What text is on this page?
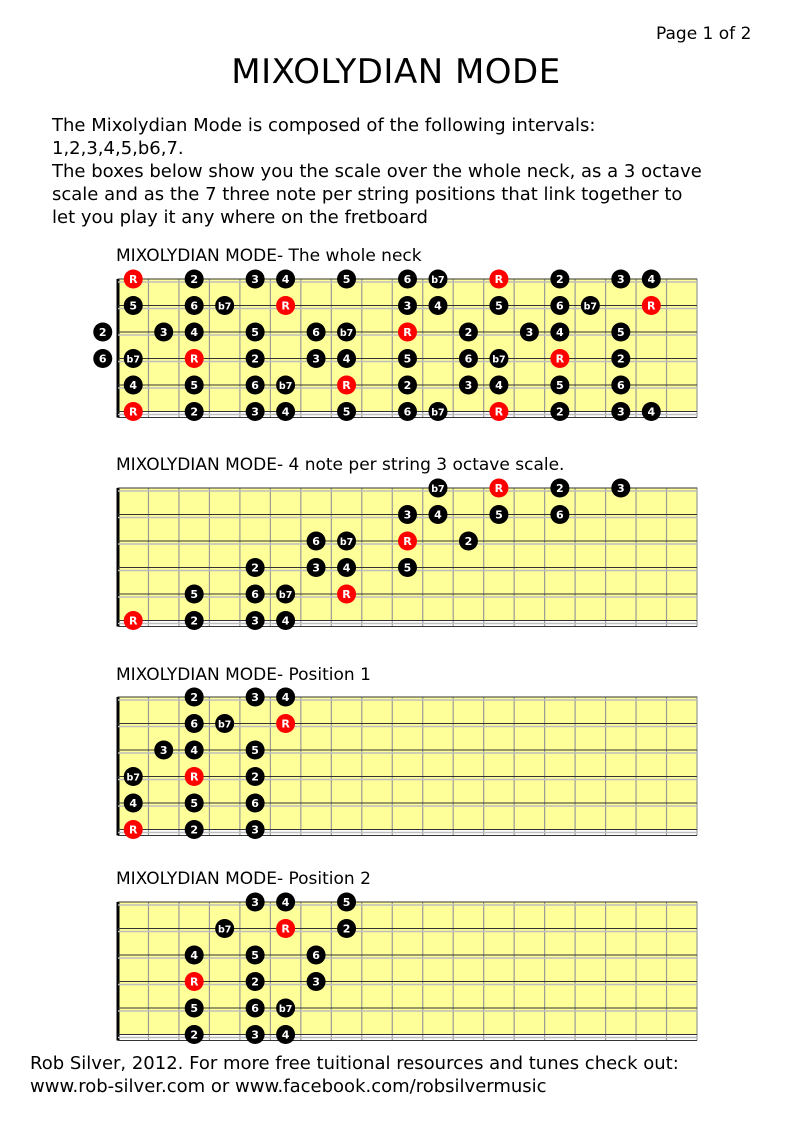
Page 1 of 2
MIXOLYDIAN MODE

The Mixolydian Mode is composed of the following intervals:

1,2,3,4,5,b6,7.

The boxes below show you the scale over the whole neck, as a 3 octave

scale and as the 7 three note per string positions that link together to

let you play it any where on the fretboard

MIXOLYDIAN MODE- The whole neck
MIXOLYDIAN MODE- 4 note per string 3 octave scale.
MIXOLYDIAN MODE- Position 1
MIXOLYDIAN MODE- Position 2
R	2	3 4	5	6 b7	R	2	3 4
5	6 b7	R	3 4	5	6 b7	R
2	3 4	5	6 b7	R	2	3 4	5
6 b7	R	2	3 4	5	6 b7	R	2
4	5	6 b7	R	2	3 4	5	6
R	2	3 4	5	6 b7	R	2	3 4
b7	R	2	3
3 4	5	6
6 b7	R	2
2	3 4	5
5	6 b7	R
R	2	3 4
2	3 4
6 b7	R
3 4	5
b7	R	2
4	5	6
R	2	3
3 4	5
b7	R	2
4	5	6
R	2	3
5	6 b7
2	3 4

Rob Silver, 2012. For more free tuitional resources and tunes check out:

www.rob-silver.com or www.facebook.com/robsilvermusic
